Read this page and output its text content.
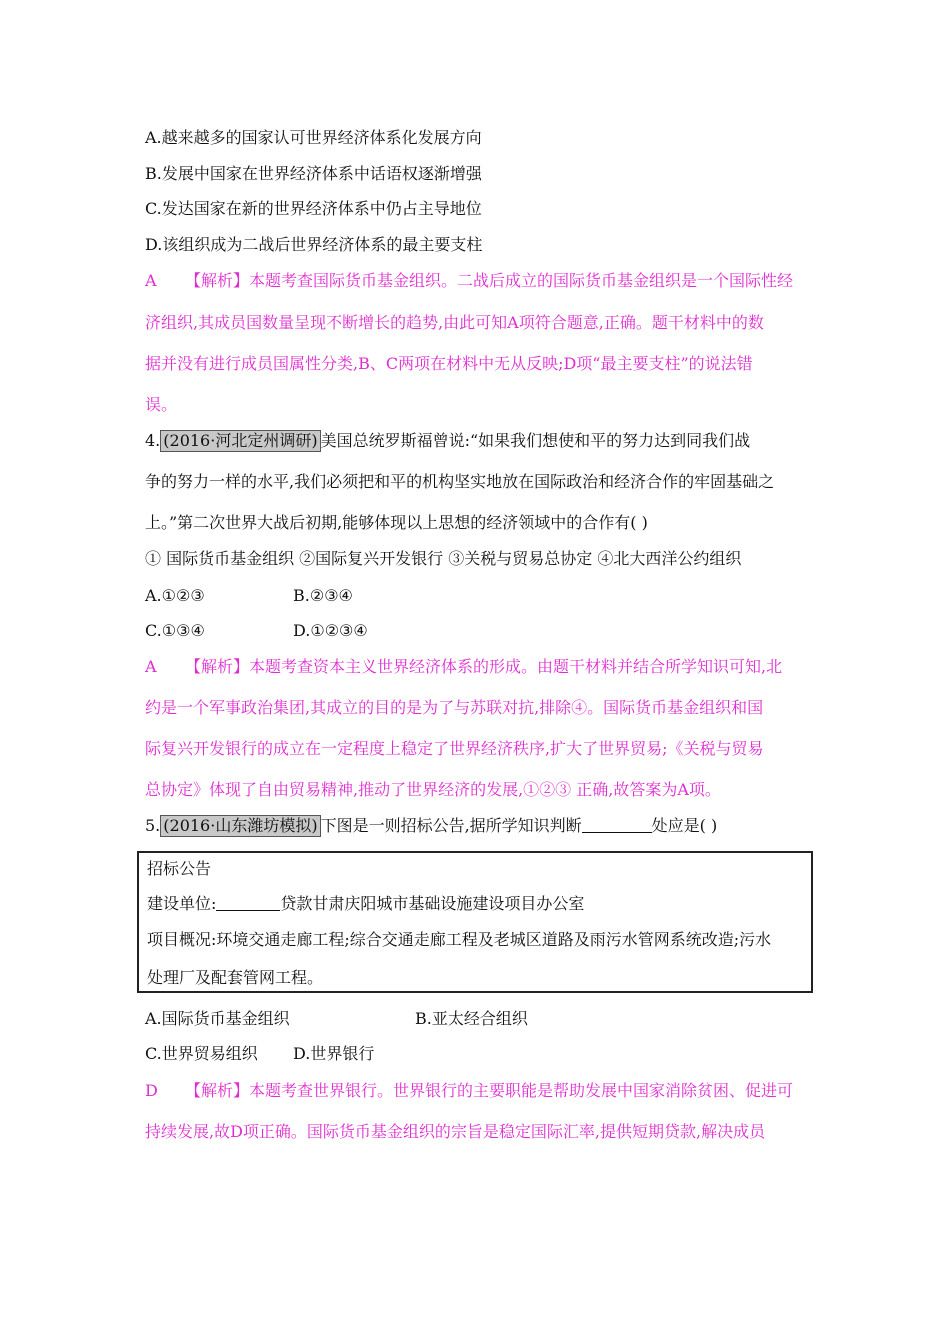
A.越来越多的国家认可世界经济体系化发展方向
B.发展中国家在世界经济体系中话语权逐渐增强
C.发达国家在新的世界经济体系中仍占主导地位
D.该组织成为二战后世界经济体系的最主要支柱
A 【解析】本题考查国际货币基金组织。二战后成立的国际货币基金组织是一个国际性经
济组织,其成员国数量呈现不断增长的趋势,由此可知A项符合题意,正确。题干材料中的数
据并没有进行成员国属性分类,B、C两项在材料中无从反映;D项“最主要支柱”的说法错
误。
4. (2016·河北定州调研) 美国总统罗斯福曾说:“如果我们想使和平的努力达到同我们战
争的努力一样的水平,我们必须把和平的机构坚实地放在国际政治和经济合作的牢固基础之
上。”第二次世界大战后初期,能够体现以上思想的经济领域中的合作有( )
① 国际货币基金组织 ②国际复兴开发银行 ③关税与贸易总协定 ④北大西洋公约组织
A.①②③	B.②③④
C.①③④	D.①②③④
A 【解析】本题考查资本主义世界经济体系的形成。由题干材料并结合所学知识可知,北
约是一个军事政治集团,其成立的目的是为了与苏联对抗,排除④。国际货币基金组织和国
际复兴开发银行的成立在一定程度上稳定了世界经济秩序,扩大了世界贸易;《关税与贸易
总协定》体现了自由贸易精神,推动了世界经济的发展,①②③ 正确,故答案为A项。
5. (2016·山东潍坊模拟) 下图是一则招标公告,据所学知识判断	处应是( )
招标公告
建设单位:	贷款甘肃庆阳城市基础设施建设项目办公室
项目概况:环境交通走廊工程;综合交通走廊工程及老城区道路及雨污水管网系统改造;污水
处理厂及配套管网工程。
A.国际货币基金组织	B.亚太经合组织
C.世界贸易组织 D.世界银行
D 【解析】本题考查世界银行。世界银行的主要职能是帮助发展中国家消除贫困、促进可
持续发展,故D项正确。国际货币基金组织的宗旨是稳定国际汇率,提供短期贷款,解决成员
